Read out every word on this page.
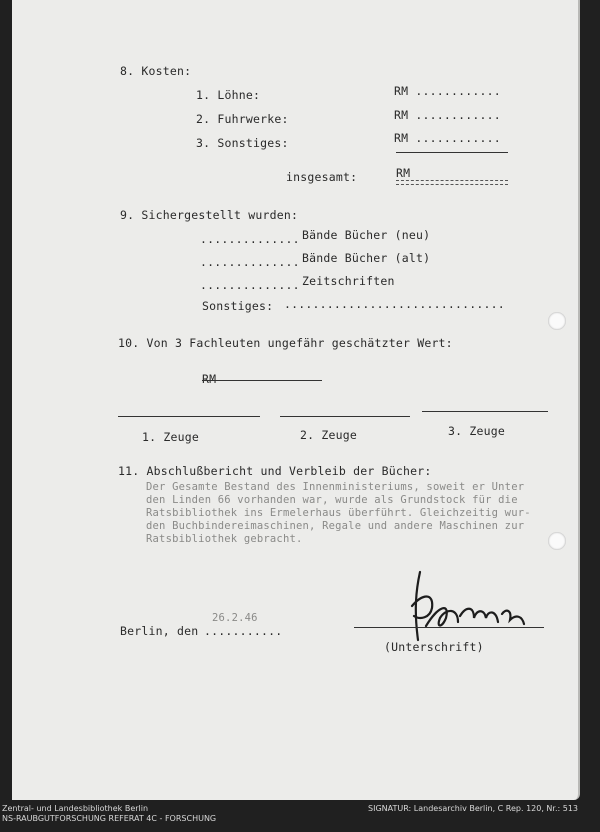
8. Kosten:
1. Löhne:	RM ............
2. Fuhrwerke:	RM ............
3. Sonstiges:	RM ............
insgesamt:	RM
9. Sichergestellt wurden:
.............. Bände Bücher (neu)
.............. Bände Bücher (alt)
.............. Zeitschriften
Sonstiges: ...............................
10. Von 3 Fachleuten ungefähr geschätzter Wert:
RM
1. Zeuge	2. Zeuge	3. Zeuge
11. Abschlußbericht und Verbleib der Bücher:
Der Gesamte Bestand des Innenministeriums, soweit er Unter
den Linden 66 vorhanden war, wurde als Grundstock für die
Ratsbibliothek ins Ermelerhaus überführt. Gleichzeitig wur-
den Buchbindereimaschinen, Regale und andere Maschinen zur
Ratsbibliothek gebracht.
Berlin, den
26.2.46
...........
(Unterschrift)
Zentral- und Landesbibliothek Berlin
NS-RAUBGUTFORSCHUNG REFERAT 4C - FORSCHUNG
SIGNATUR: Landesarchiv Berlin, C Rep. 120, Nr.: 513
